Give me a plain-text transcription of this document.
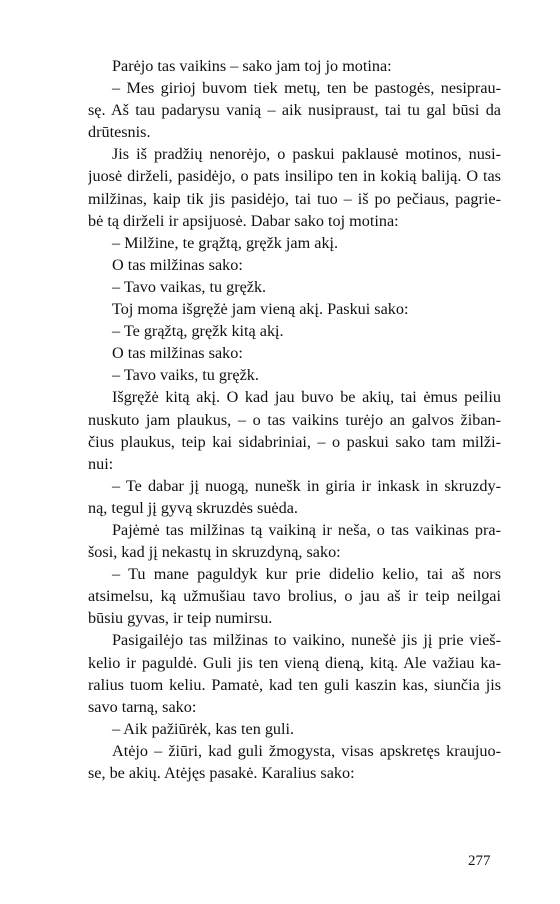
Parėjo tas vaikins – sako jam toj jo motina:
– Mes girioj buvom tiek metų, ten be pastogės, nesiprau-
sę. Aš tau padarysu vanią – aik nusipraust, tai tu gal būsi da
drūtesnis.
Jis iš pradžių nenorėjo, o paskui paklausė motinos, nusi-
juosė dirželi, pasidėjo, o pats insilipo ten in kokią baliją. O tas
milžinas, kaip tik jis pasidėjo, tai tuo – iš po pečiaus, pagrie-
bė tą dirželi ir apsijuosė. Dabar sako toj motina:
– Milžine, te grąžtą, gręžk jam akį.
O tas milžinas sako:
– Tavo vaikas, tu gręžk.
Toj moma išgręžė jam vieną akį. Paskui sako:
– Te grąžtą, gręžk kitą akį.
O tas milžinas sako:
– Tavo vaiks, tu gręžk.
Išgręžė kitą akį. O kad jau buvo be akių, tai ėmus peiliu
nuskuto jam plaukus, – o tas vaikins turėjo an galvos žiban-
čius plaukus, teip kai sidabriniai, – o paskui sako tam milži-
nui:
– Te dabar jį nuogą, nunešk in giria ir inkask in skruzdy-
ną, tegul jį gyvą skruzdės suėda.
Pajėmė tas milžinas tą vaikiną ir neša, o tas vaikinas pra-
šosi, kad jį nekastų in skruzdyną, sako:
– Tu mane paguldyk kur prie didelio kelio, tai aš nors
atsimelsu, ką užmušiau tavo brolius, o jau aš ir teip neilgai
būsiu gyvas, ir teip numirsu.
Pasigailėjo tas milžinas to vaikino, nunešė jis jį prie vieš-
kelio ir paguldė. Guli jis ten vieną dieną, kitą. Ale važiau ka-
ralius tuom keliu. Pamatė, kad ten guli kaszin kas, siunčia jis
savo tarną, sako:
– Aik pažiūrėk, kas ten guli.
Atėjo – žiūri, kad guli žmogysta, visas apskretęs kraujuo-
se, be akių. Atėjęs pasakė. Karalius sako:
277
